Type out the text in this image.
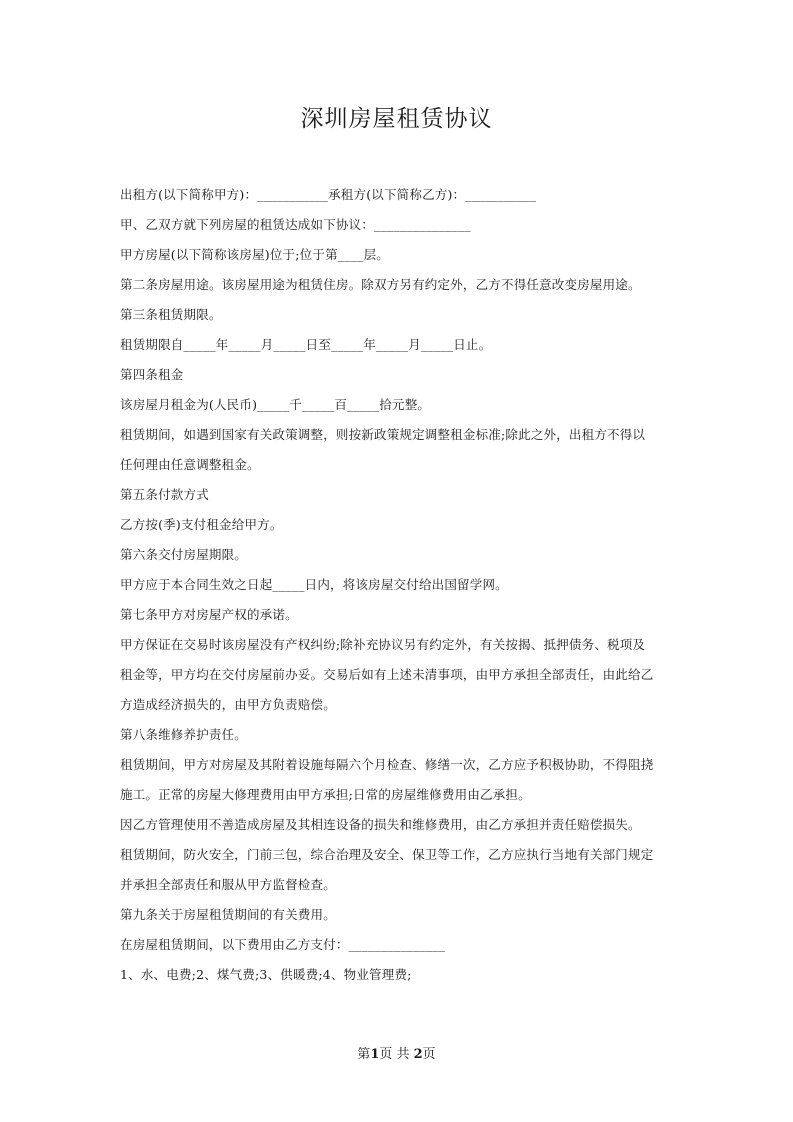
深圳房屋租赁协议
出租方(以下简称甲方)：___________承租方(以下简称乙方)：___________
甲、乙双方就下列房屋的租赁达成如下协议：_______________
甲方房屋(以下简称该房屋)位于;位于第____层。
第二条房屋用途。该房屋用途为租赁住房。除双方另有约定外，乙方不得任意改变房屋用途。
第三条租赁期限。
租赁期限自_____年_____月_____日至_____年_____月_____日止。
第四条租金
该房屋月租金为(人民币)_____千_____百_____拾元整。
租赁期间，如遇到国家有关政策调整，则按新政策规定调整租金标准;除此之外，出租方不得以
任何理由任意调整租金。
第五条付款方式
乙方按(季)支付租金给甲方。
第六条交付房屋期限。
甲方应于本合同生效之日起_____日内，将该房屋交付给出国留学网。
第七条甲方对房屋产权的承诺。
甲方保证在交易时该房屋没有产权纠纷;除补充协议另有约定外，有关按揭、抵押债务、税项及
租金等，甲方均在交付房屋前办妥。交易后如有上述未清事项，由甲方承担全部责任，由此给乙
方造成经济损失的，由甲方负责赔偿。
第八条维修养护责任。
租赁期间，甲方对房屋及其附着设施每隔六个月检查、修缮一次，乙方应予积极协助，不得阻挠
施工。正常的房屋大修理费用由甲方承担;日常的房屋维修费用由乙承担。
因乙方管理使用不善造成房屋及其相连设备的损失和维修费用，由乙方承担并责任赔偿损失。
租赁期间，防火安全，门前三包，综合治理及安全、保卫等工作，乙方应执行当地有关部门规定
并承担全部责任和服从甲方监督检查。
第九条关于房屋租赁期间的有关费用。
在房屋租赁期间，以下费用由乙方支付：_______________
1、水、电费;2、煤气费;3、供暖费;4、物业管理费;
第1页 共 2页
